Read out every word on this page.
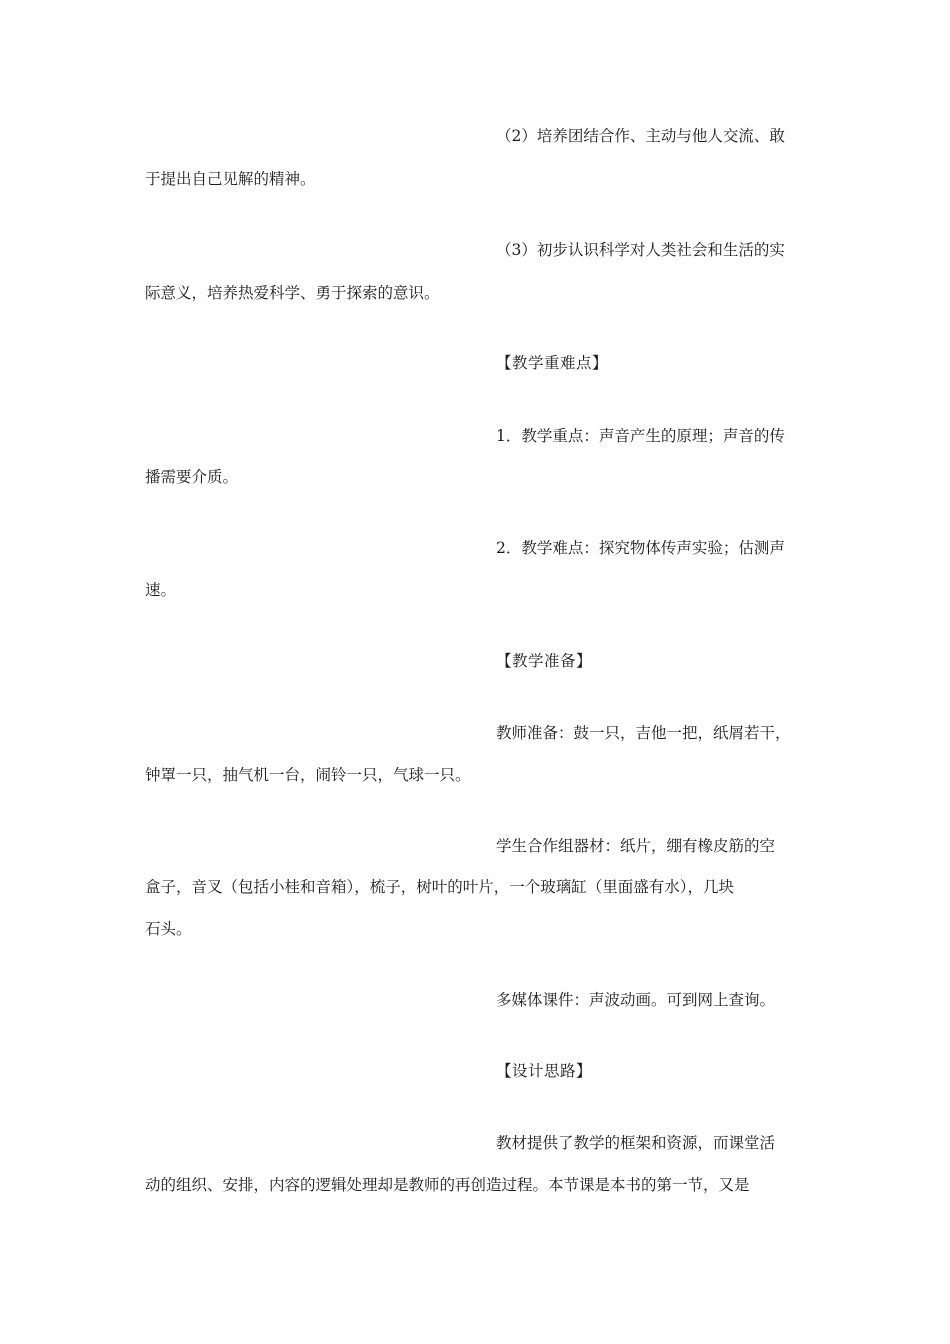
（2）培养团结合作、主动与他人交流、敢
于提出自己见解的精神。
（3）初步认识科学对人类社会和生活的实
际意义，培养热爱科学、勇于探索的意识。
【教学重难点】
1．教学重点：声音产生的原理；声音的传
播需要介质。
2．教学难点：探究物体传声实验；估测声
速。
【教学准备】
教师准备：鼓一只，吉他一把，纸屑若干，
钟罩一只，抽气机一台，闹铃一只，气球一只。
学生合作组器材：纸片，绷有橡皮筋的空
盒子，音叉（包括小桂和音箱），梳子，树叶的叶片，一个玻璃缸（里面盛有水），几块
石头。
多媒体课件：声波动画。可到网上查询。
【设计思路】
教材提供了教学的框架和资源，而课堂活
动的组织、安排，内容的逻辑处理却是教师的再创造过程。本节课是本书的第一节，又是
